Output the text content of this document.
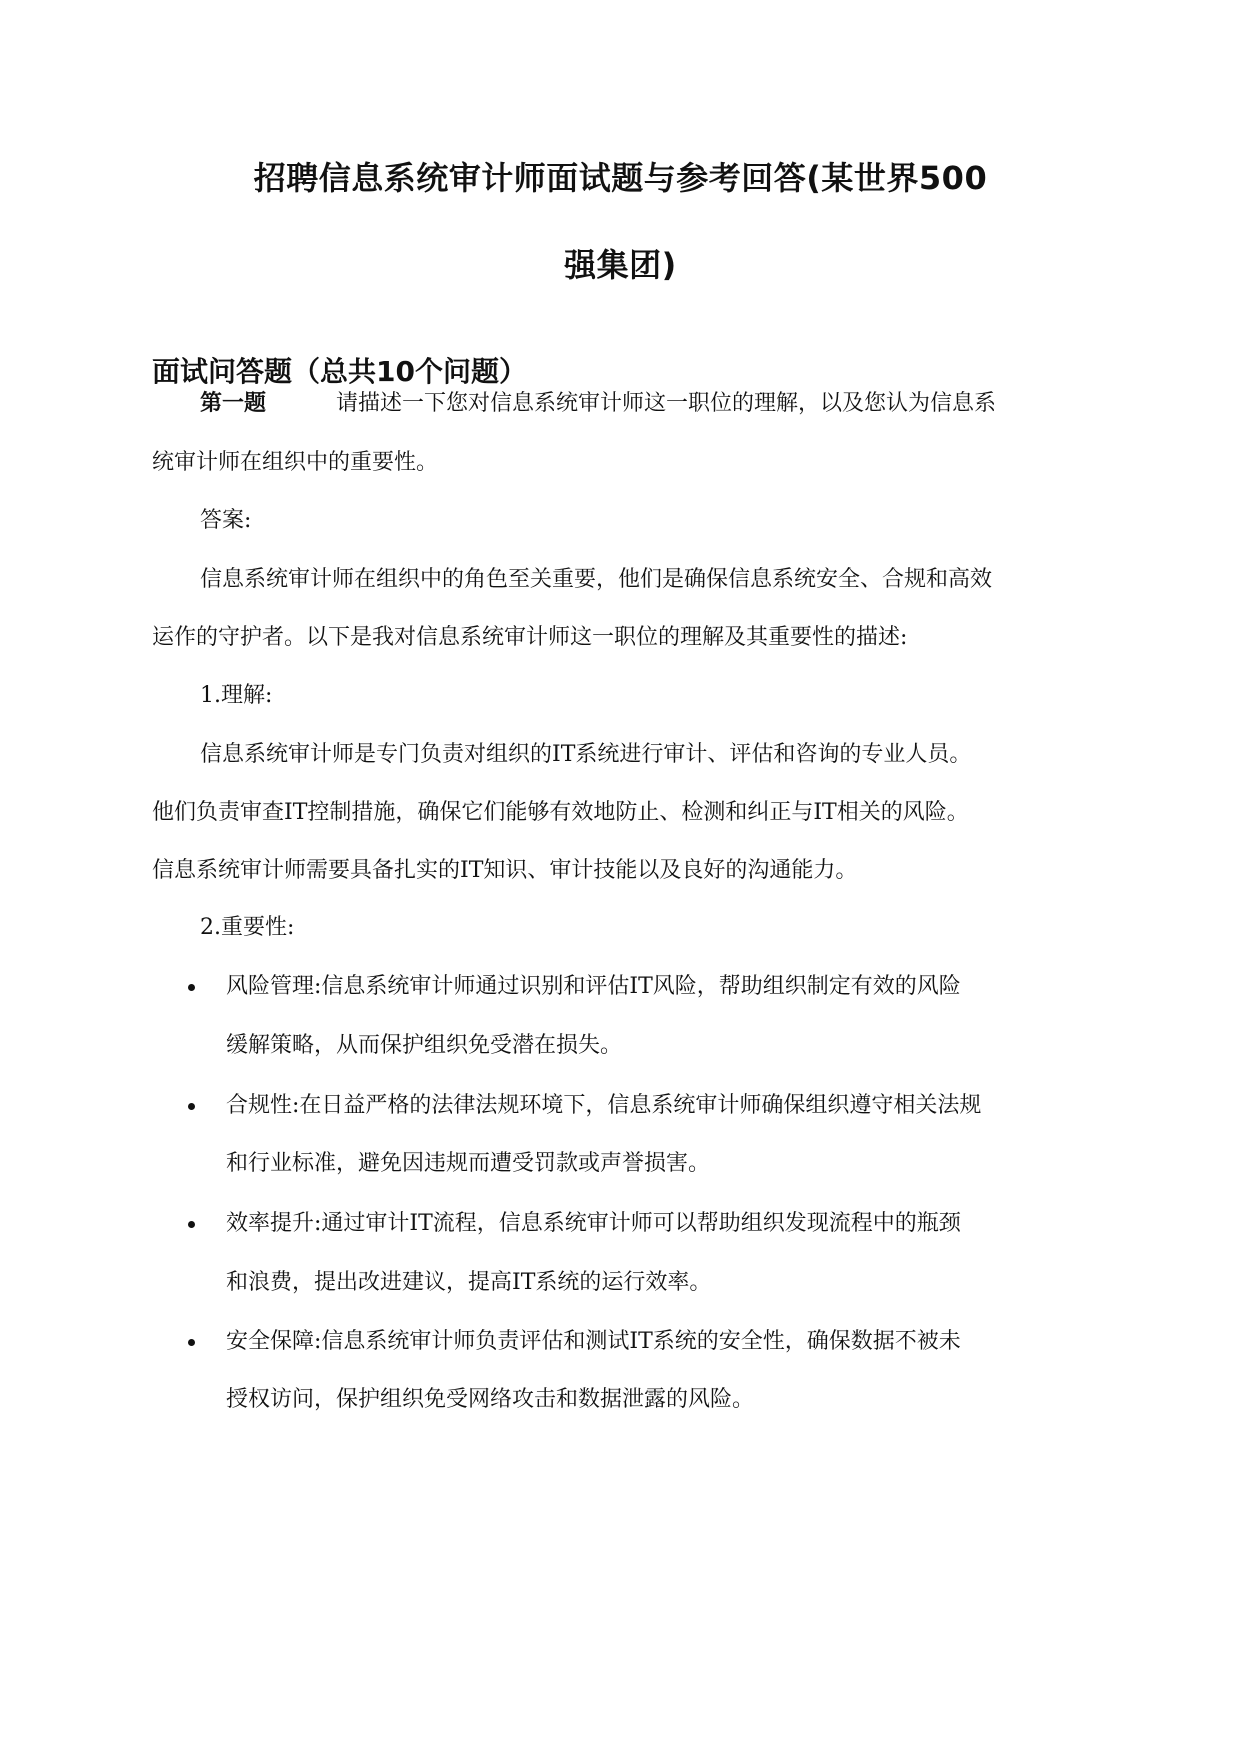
招聘信息系统审计师面试题与参考回答(某世界500
强集团)
面试问答题（总共10个问题）
第一题	请描述一下您对信息系统审计师这一职位的理解，以及您认为信息系
统审计师在组织中的重要性。
答案:
信息系统审计师在组织中的角色至关重要，他们是确保信息系统安全、合规和高效
运作的守护者。以下是我对信息系统审计师这一职位的理解及其重要性的描述:
1.理解:
信息系统审计师是专门负责对组织的IT系统进行审计、评估和咨询的专业人员。
他们负责审查IT控制措施，确保它们能够有效地防止、检测和纠正与IT相关的风险。
信息系统审计师需要具备扎实的IT知识、审计技能以及良好的沟通能力。
2.重要性:
风险管理:信息系统审计师通过识别和评估IT风险，帮助组织制定有效的风险
缓解策略，从而保护组织免受潜在损失。
合规性:在日益严格的法律法规环境下，信息系统审计师确保组织遵守相关法规
和行业标准，避免因违规而遭受罚款或声誉损害。
效率提升:通过审计IT流程，信息系统审计师可以帮助组织发现流程中的瓶颈
和浪费，提出改进建议，提高IT系统的运行效率。
安全保障:信息系统审计师负责评估和测试IT系统的安全性，确保数据不被未
授权访问，保护组织免受网络攻击和数据泄露的风险。
